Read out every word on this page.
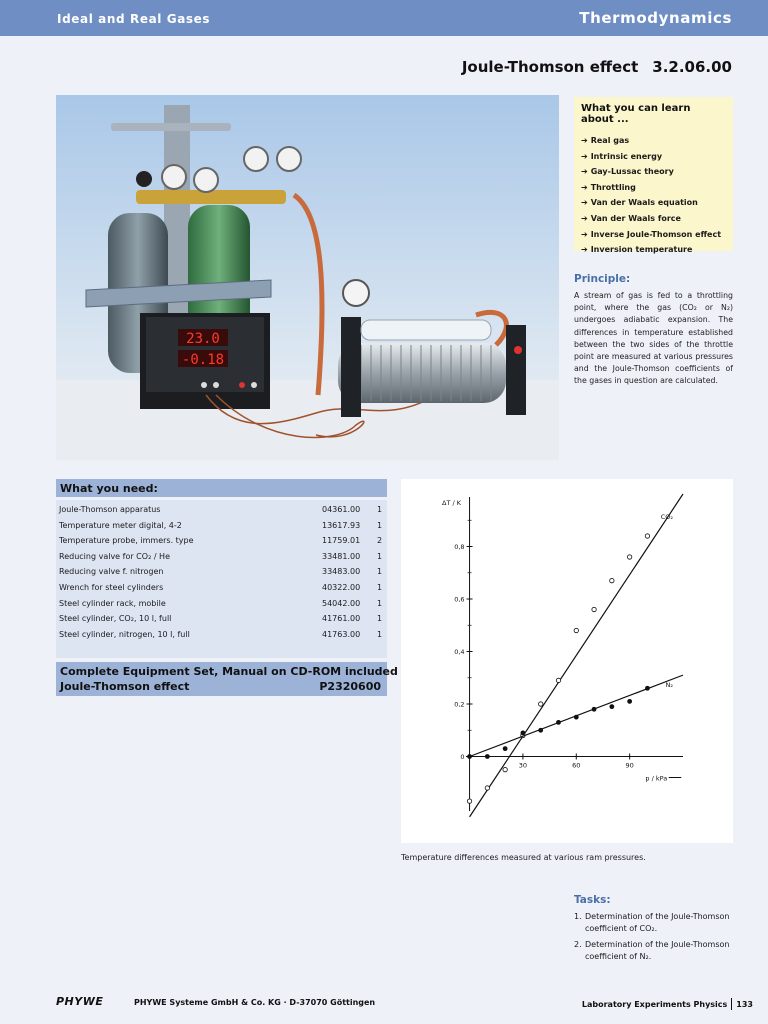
Ideal and Real Gases	Thermodynamics
Joule-Thomson effect 3.2.06.00
23.0
-0.18
What you can learn about ...
➔ Real gas
➔ Intrinsic energy
➔ Gay-Lussac theory
➔ Throttling
➔ Van der Waals equation
➔ Van der Waals force
➔ Inverse Joule-Thomson effect
➔ Inversion temperature
Principle:
A stream of gas is fed to a throttling point, where the gas (CO₂ or N₂) undergoes adiabatic expansion. The differences in temperature established between the two sides of the throttle point are measured at various pressures and the Joule-Thomson coefficients of the gases in question are calculated.
What you need:
Joule-Thomson apparatus	04361.00 1
Temperature meter digital, 4-2	13617.93 1
Temperature probe, immers. type	11759.01 2
Reducing valve for CO₂ / He	33481.00 1
Reducing valve f. nitrogen	33483.00 1
Wrench for steel cylinders	40322.00 1
Steel cylinder rack, mobile	54042.00 1
Steel cylinder, CO₂, 10 l, full	41761.00 1
Steel cylinder, nitrogen, 10 l, full	41763.00 1
Complete Equipment Set, Manual on CD-ROM included
Joule-Thomson effect	P2320600
0
0,2
0,4
0,6
0,8
30	60	90
ΔT / K
p / kPa
CO₂
N₂
Temperature differences measured at various ram pressures.
Tasks:
1. Determination of the Joule-Thomson coefficient of CO₂.
2. Determination of the Joule-Thomson coefficient of N₂.
PHYWE	PHYWE Systeme GmbH & Co. KG · D-37070 Göttingen	Laboratory Experiments Physics 133
